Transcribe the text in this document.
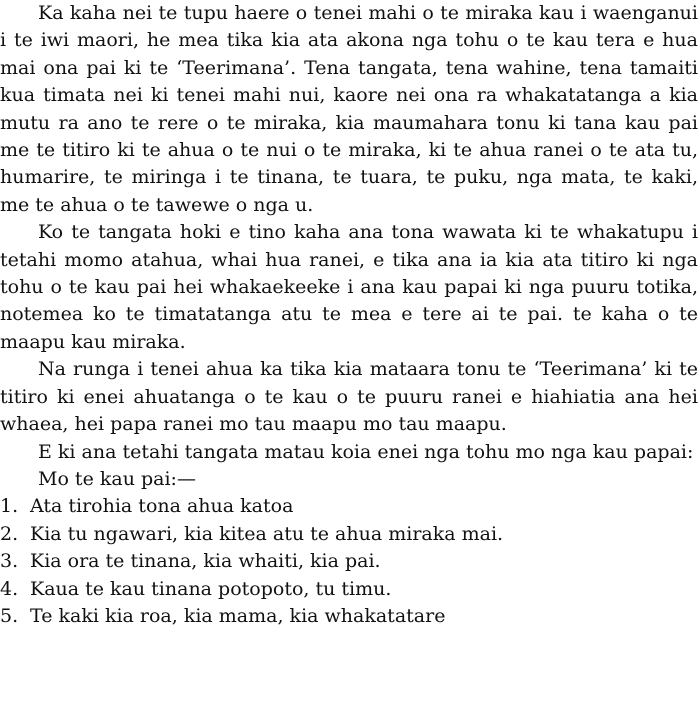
Ka kaha nei te tupu haere o tenei mahi o te miraka kau i waenganui i te iwi maori, he mea tika kia ata akona nga tohu o te kau tera e hua mai ona pai ki te ‘Teerimana’. Tena tangata, tena wahine, tena tamaiti kua timata nei ki tenei mahi nui, kaore nei ona ra whakatatanga a kia mutu ra ano te rere o te miraka, kia maumahara tonu ki tana kau pai me te titiro ki te ahua o te nui o te miraka, ki te ahua ranei o te ata tu, humarire, te miringa i te tinana, te tuara, te puku, nga mata, te kaki, me te ahua o te tawewe o nga u.

Ko te tangata hoki e tino kaha ana tona wawata ki te whakatupu i tetahi momo atahua, whai hua ranei, e tika ana ia kia ata titiro ki nga tohu o te kau pai hei whakaekeeke i ana kau papai ki nga puuru totika, notemea ko te timatatanga atu te mea e tere ai te pai. te kaha o te maapu kau miraka.

Na runga i tenei ahua ka tika kia mataara tonu te ‘Teerimana’ ki te titiro ki enei ahuatanga o te kau o te puuru ranei e hiahiatia ana hei whaea, hei papa ranei mo tau maapu mo tau maapu.

E ki ana tetahi tangata matau koia enei nga tohu mo nga kau papai:

Mo te kau pai:—

1. Ata tirohia tona ahua katoa
2. Kia tu ngawari, kia kitea atu te ahua miraka mai.
3. Kia ora te tinana, kia whaiti, kia pai.
4. Kaua te kau tinana potopoto, tu timu.
5. Te kaki kia roa, kia mama, kia whakatatare
